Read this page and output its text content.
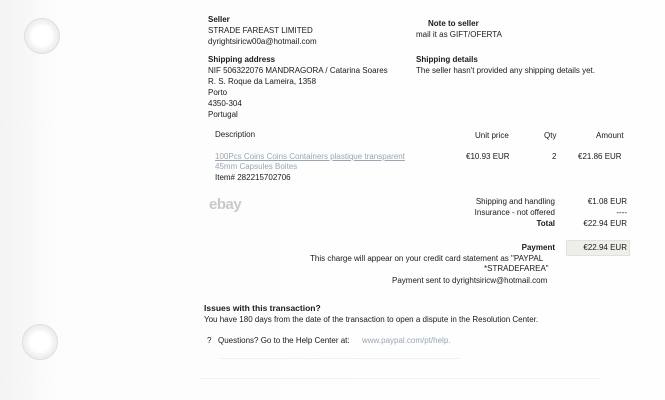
Seller
STRADE FAREAST LIMITED
dyrightsiricw00a@hotmail.com
Note to seller
mail it as GIFT/OFERTA
Shipping address
NIF 506322076 MANDRAGORA / Catarina Soares
R. S. Roque da Lameira, 1358
Porto
4350-304
Portugal
Shipping details
The seller hasn't provided any shipping details yet.
Description	Unit price	Qty	Amount
100Pcs Coins Coins Containers plastique transparent
45mm Capsules Boites
Item# 282215702706
€10.93 EUR	2	€21.86 EUR
ebay	Shipping and handling	€1.08 EUR
Insurance - not offered	----
Total	€22.94 EUR
Payment	€22.94 EUR
This charge will appear on your credit card statement as "PAYPAL
*STRADEFAREA"
Payment sent to dyrightsiricw@hotmail.com
Issues with this transaction?
You have 180 days from the date of the transaction to open a dispute in the Resolution Center.
? Questions? Go to the Help Center at: www.paypal.com/pt/help.
